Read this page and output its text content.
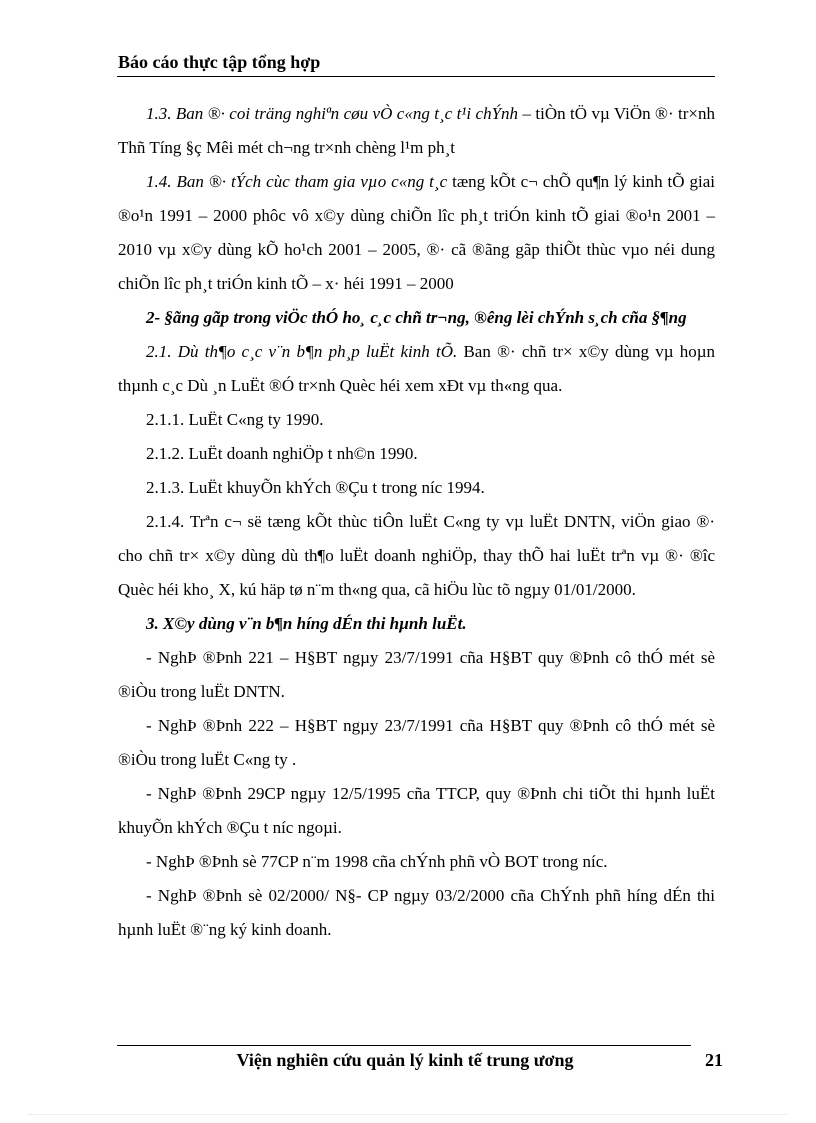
Báo cáo thực tập tổng hợp

1.3. Ban ®· coi träng nghiªn cøu vÒ c«ng t¸c t¹i chÝnh – tiÒn tÖ vµ ViÖn ®· tr×nh Thñ Tíng §ç Mêi mét ch¬ng tr×nh chèng l¹m ph¸t

1.4. Ban ®· tÝch cùc tham gia vµo c«ng t¸c tæng kÕt c¬ chÕ qu¶n lý kinh tÕ giai ®o¹n 1991 – 2000 phôc vô x©y dùng chiÕn lîc ph¸t triÓn kinh tÕ giai ®o¹n 2001 – 2010 vµ x©y dùng kÕ ho¹ch 2001 – 2005, ®· cã ®ãng gãp thiÕt thùc vµo néi dung chiÕn lîc ph¸t triÓn kinh tÕ – x· héi 1991 – 2000

2- §ãng gãp trong viÖc thÓ ho¸ c¸c chñ tr¬ng, ®êng lèi chÝnh s¸ch cña §¶ng

2.1. Dù th¶o c¸c v¨n b¶n ph¸p luËt kinh tÕ. Ban ®· chñ tr× x©y dùng vµ hoµn thµnh c¸c Dù ¸n LuËt ®Ó tr×nh Quèc héi xem xÐt vµ th«ng qua.

2.1.1. LuËt C«ng ty 1990.

2.1.2. LuËt doanh nghiÖp t nh©n 1990.

2.1.3. LuËt khuyÕn khÝch ®Çu t trong níc 1994.

2.1.4. Trªn c¬ së tæng kÕt thùc tiÔn luËt C«ng ty vµ luËt DNTN, viÖn giao ®· cho chñ tr× x©y dùng dù th¶o luËt doanh nghiÖp, thay thÕ hai luËt trªn vµ ®· ®îc Quèc héi kho¸ X, kú häp tø n¨m th«ng qua, cã hiÖu lùc tõ ngµy 01/01/2000.

3. X©y dùng v¨n b¶n híng dÉn thi hµnh luËt.

- NghÞ ®Þnh 221 – H§BT ngµy 23/7/1991 cña H§BT quy ®Þnh cô thÓ mét sè ®iÒu trong luËt DNTN.

- NghÞ ®Þnh 222 – H§BT ngµy 23/7/1991 cña H§BT quy ®Þnh cô thÓ mét sè ®iÒu trong luËt C«ng ty .

- NghÞ ®Þnh 29CP ngµy 12/5/1995 cña TTCP, quy ®Þnh chi tiÕt thi hµnh luËt khuyÕn khÝch ®Çu t níc ngoµi.

- NghÞ ®Þnh sè 77CP n¨m 1998 cña chÝnh phñ vÒ BOT trong níc.

- NghÞ ®Þnh sè 02/2000/ N§- CP ngµy 03/2/2000 cña ChÝnh phñ híng dÉn thi hµnh luËt ®¨ng ký kinh doanh.

Viện nghiên cứu quản lý kinh tế trung ương	21
